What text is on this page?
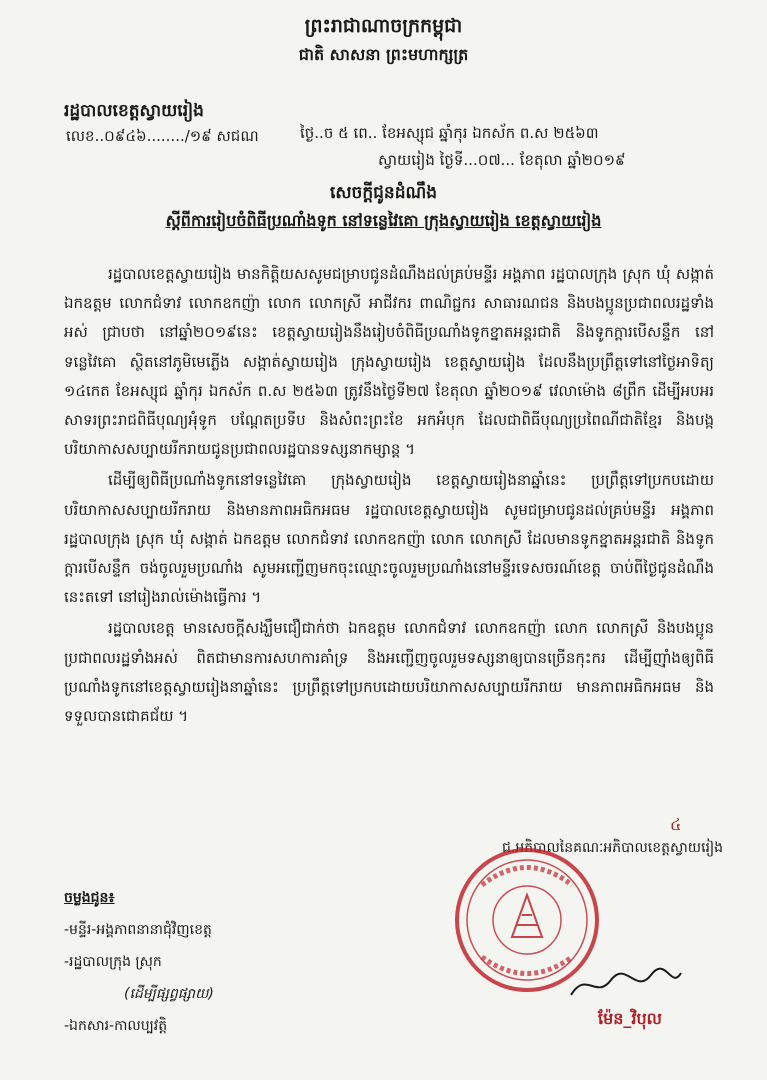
ព្រះរាជាណាចក្រកម្ពុជា
ជាតិ សាសនា ព្រះមហាក្សត្រ
រដ្ឋបាលខេត្តស្វាយរៀង
លេខ..០៩៤៦......../១៩ សជណ	ថ្ងៃ..ច ៥ ពេ.. ខែអស្សុជ ឆ្នាំកុរ ឯកស័ក ព.ស ២៥៦៣
ស្វាយរៀង ថ្ងៃទី...០៧... ខែតុលា ឆ្នាំ២០១៩
សេចក្ដីជូនដំណឹង
ស្ដីពីការរៀបចំពិធីប្រណាំងទូក នៅទន្លេវៃគោ ក្រុងស្វាយរៀង ខេត្តស្វាយរៀង

រដ្ឋបាលខេត្តស្វាយរៀង មានកិត្តិយសសូមជម្រាបជូនដំណឹងដល់គ្រប់មន្ទីរ អង្គភាព រដ្ឋបាលក្រុង ស្រុក ឃុំ សង្កាត់ ឯកឧត្តម លោកជំទាវ លោកឧកញ៉ា លោក លោកស្រី អាជីវករ ពាណិជ្ជករ សាធារណជន និងបងប្អូនប្រជាពលរដ្ឋទាំងអស់ ជ្រាបថា នៅឆ្នាំ២០១៩នេះ ខេត្តស្វាយរៀងនឹងរៀបចំពិធីប្រណាំងទូកខ្នាតអន្តរជាតិ និងទូកក្ដារបើសន្ទឹក នៅទន្លេវៃគោ ស្ថិតនៅភូមិមេភ្លើង សង្កាត់ស្វាយរៀង ក្រុងស្វាយរៀង ខេត្តស្វាយរៀង ដែលនឹងប្រព្រឹត្តទៅនៅថ្ងៃអាទិត្យ ១៤កេត ខែអស្សុជ ឆ្នាំកុរ ឯកស័ក ព.ស ២៥៦៣ ត្រូវនឹងថ្ងៃទី២៧ ខែតុលា ឆ្នាំ២០១៩ វេលាម៉ោង ៨ព្រឹក ដើម្បីអបអរសាទរព្រះរាជពិធីបុណ្យអុំទូក បណ្ដែតប្រទីប និងសំពះព្រះខែ អកអំបុក ដែលជាពិធីបុណ្យប្រពៃណីជាតិខ្មែរ និងបង្កបរិយាកាសសប្បាយរីករាយជូនប្រជាពលរដ្ឋបានទស្សនាកម្សាន្ត ។

ដើម្បីឲ្យពិធីប្រណាំងទូកនៅទន្លេវៃគោ ក្រុងស្វាយរៀង ខេត្តស្វាយរៀងនាឆ្នាំនេះ ប្រព្រឹត្តទៅប្រកបដោយបរិយាកាសសប្បាយរីករាយ និងមានភាពអធិកអធម រដ្ឋបាលខេត្តស្វាយរៀង សូមជម្រាបជូនដល់គ្រប់មន្ទីរ អង្គភាព រដ្ឋបាលក្រុង ស្រុក ឃុំ សង្កាត់ ឯកឧត្តម លោកជំទាវ លោកឧកញ៉ា លោក លោកស្រី ដែលមានទូកខ្នាតអន្តរជាតិ និងទូកក្ដារបើសន្ទឹក ចង់ចូលរួមប្រណាំង សូមអញ្ជើញមកចុះឈ្មោះចូលរួមប្រណាំងនៅមន្ទីរទេសចរណ៍ខេត្ត ចាប់ពីថ្ងៃជូនដំណឹងនេះតទៅ នៅរៀងរាល់ម៉ោងធ្វើការ ។

រដ្ឋបាលខេត្ត មានសេចក្ដីសង្ឃឹមជឿជាក់ថា ឯកឧត្តម លោកជំទាវ លោកឧកញ៉ា លោក លោកស្រី និងបងប្អូនប្រជាពលរដ្ឋទាំងអស់ ពិតជាមានការសហការគាំទ្រ និងអញ្ជើញចូលរួមទស្សនាឲ្យបានច្រើនកុះករ ដើម្បីញ៉ាំងឲ្យពិធីប្រណាំងទូកនៅខេត្តស្វាយរៀងនាឆ្នាំនេះ ប្រព្រឹត្តទៅប្រកបដោយបរិយាកាសសប្បាយរីករាយ មានភាពអធិកអធម និងទទួលបានជោគជ័យ ។

៤
ជ.អភិបាលនៃគណៈអភិបាលខេត្តស្វាយរៀង
ម៉ែន_វិបុល
ចម្លងជូន៖
-មន្ទីរ-អង្គភាពនានាជុំវិញខេត្ត
-រដ្ឋបាលក្រុង ស្រុក
(ដើម្បីផ្សព្វផ្សាយ)
-ឯកសារ-កាលប្បវត្តិ
